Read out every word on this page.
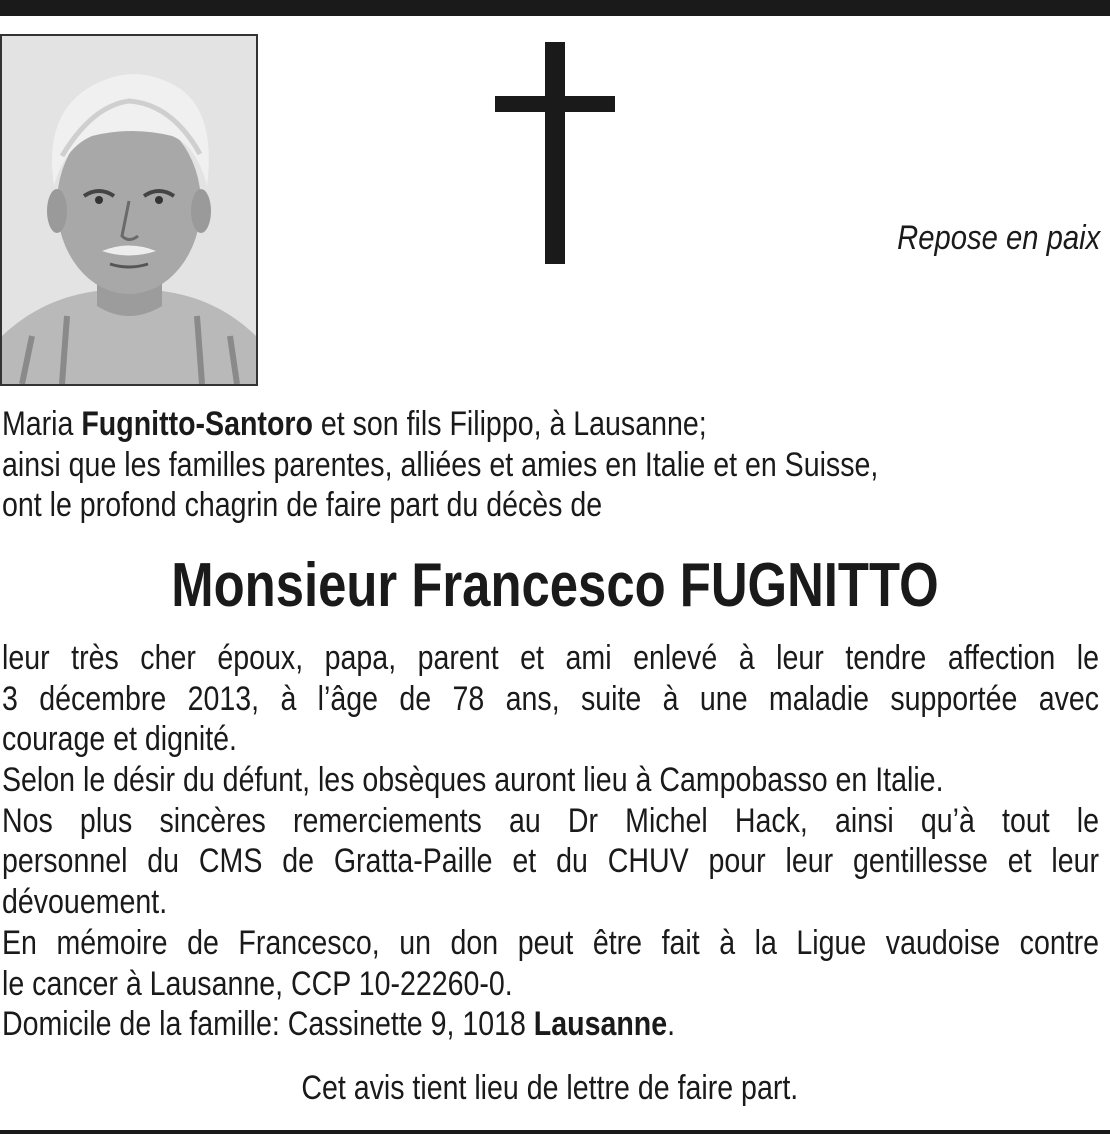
Repose en paix
Maria Fugnitto-Santoro et son fils Filippo, à Lausanne;
ainsi que les familles parentes, alliées et amies en Italie et en Suisse,
ont le profond chagrin de faire part du décès de
Monsieur Francesco FUGNITTO
leur très cher époux, papa, parent et ami enlevé à leur tendre affection le
3 décembre 2013, à l’âge de 78 ans, suite à une maladie supportée avec
courage et dignité.
Selon le désir du défunt, les obsèques auront lieu à Campobasso en Italie.
Nos plus sincères remerciements au Dr Michel Hack, ainsi qu’à tout le
personnel du CMS de Gratta-Paille et du CHUV pour leur gentillesse et leur
dévouement.
En mémoire de Francesco, un don peut être fait à la Ligue vaudoise contre
le cancer à Lausanne, CCP 10-22260-0.
Domicile de la famille: Cassinette 9, 1018 Lausanne.
Cet avis tient lieu de lettre de faire part.
